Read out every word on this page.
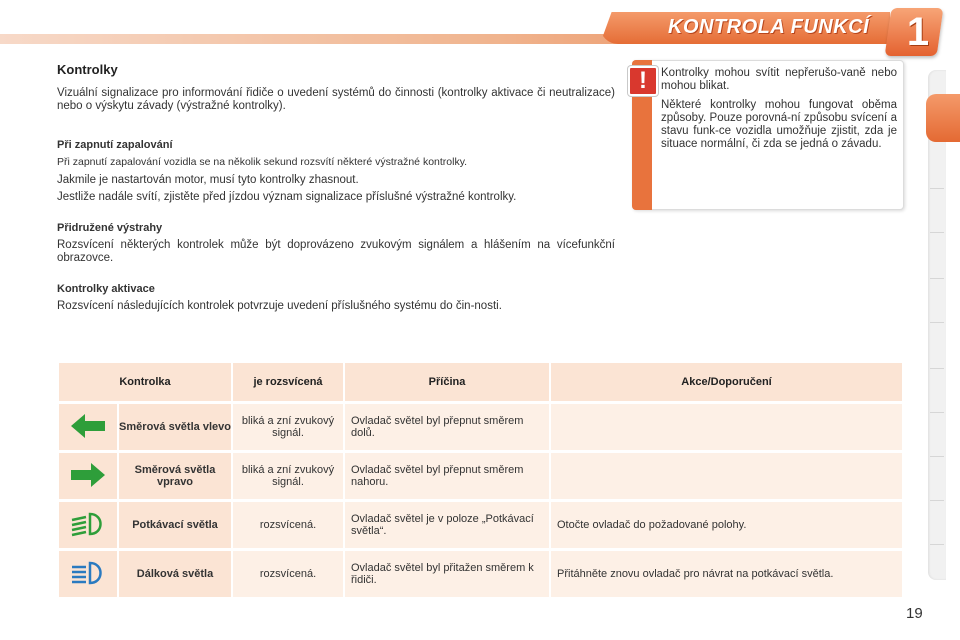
KONTROLA FUNKCÍ 1
Kontrolky
Vizuální signalizace pro informování řidiče o uvedení systémů do činnosti (kontrolky aktivace či neutralizace) nebo o výskytu závady (výstražné kontrolky).
Při zapnutí zapalování
Při zapnutí zapalování vozidla se na několik sekund rozsvítí některé výstražné kontrolky.
Jakmile je nastartován motor, musí tyto kontrolky zhasnout.
Jestliže nadále svítí, zjistěte před jízdou význam signalizace příslušné výstražné kontrolky.
Přidružené výstrahy
Rozsvícení některých kontrolek může být doprovázeno zvukovým signálem a hlášením na vícefunkční obrazovce.
Kontrolky aktivace
Rozsvícení následujících kontrolek potvrzuje uvedení příslušného systému do čin-nosti.
!	Kontrolky mohou svítit nepřerušo-vaně nebo mohou blikat.
Některé kontrolky mohou fungovat oběma způsoby. Pouze porovná-ní způsobu svícení a stavu funk-ce vozidla umožňuje zjistit, zda je situace normální, či zda se jedná o závadu.
Kontrolka		je rozsvícená	Příčina	Akce/Doporučení
	Směrová světla vlevo	bliká a zní zvukový signál.	Ovladač světel byl přepnut směrem dolů.	
	Směrová světla vpravo	bliká a zní zvukový signál.	Ovladač světel byl přepnut směrem nahoru.	
	Potkávací světla	rozsvícená.	Ovladač světel je v poloze „Potkávací světla“.	Otočte ovladač do požadované polohy.
	Dálková světla	rozsvícená.	Ovladač světel byl přitažen směrem k řidiči.	Přitáhněte znovu ovladač pro návrat na potkávací světla.
19
